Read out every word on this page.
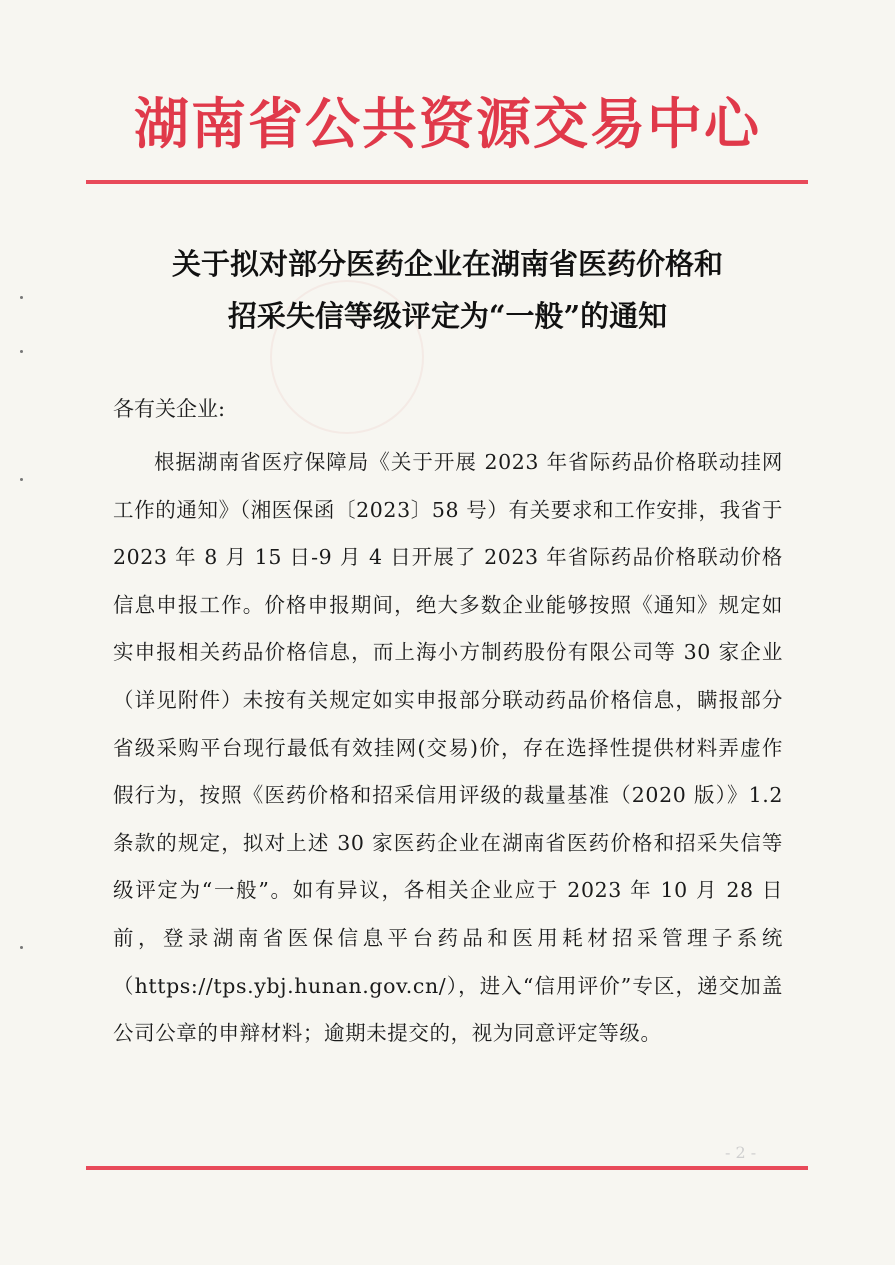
湖南省公共资源交易中心
关于拟对部分医药企业在湖南省医药价格和
招采失信等级评定为“一般”的通知
各有关企业:

根据湖南省医疗保障局《关于开展 2023 年省际药品价格联动挂网工作的通知》（湘医保函〔2023〕58 号）有关要求和工作安排，我省于 2023 年 8 月 15 日-9 月 4 日开展了 2023 年省际药品价格联动价格信息申报工作。价格申报期间，绝大多数企业能够按照《通知》规定如实申报相关药品价格信息，而上海小方制药股份有限公司等 30 家企业（详见附件）未按有关规定如实申报部分联动药品价格信息，瞒报部分省级采购平台现行最低有效挂网(交易)价，存在选择性提供材料弄虚作假行为，按照《医药价格和招采信用评级的裁量基准（2020 版）》1.2 条款的规定，拟对上述 30 家医药企业在湖南省医药价格和招采失信等级评定为“一般”。如有异议，各相关企业应于 2023 年 10 月 28 日前，登录湖南省医保信息平台药品和医用耗材招采管理子系统（https://tps.ybj.hunan.gov.cn/），进入“信用评价”专区，递交加盖公司公章的申辩材料；逾期未提交的，视为同意评定等级。

- 2 -
